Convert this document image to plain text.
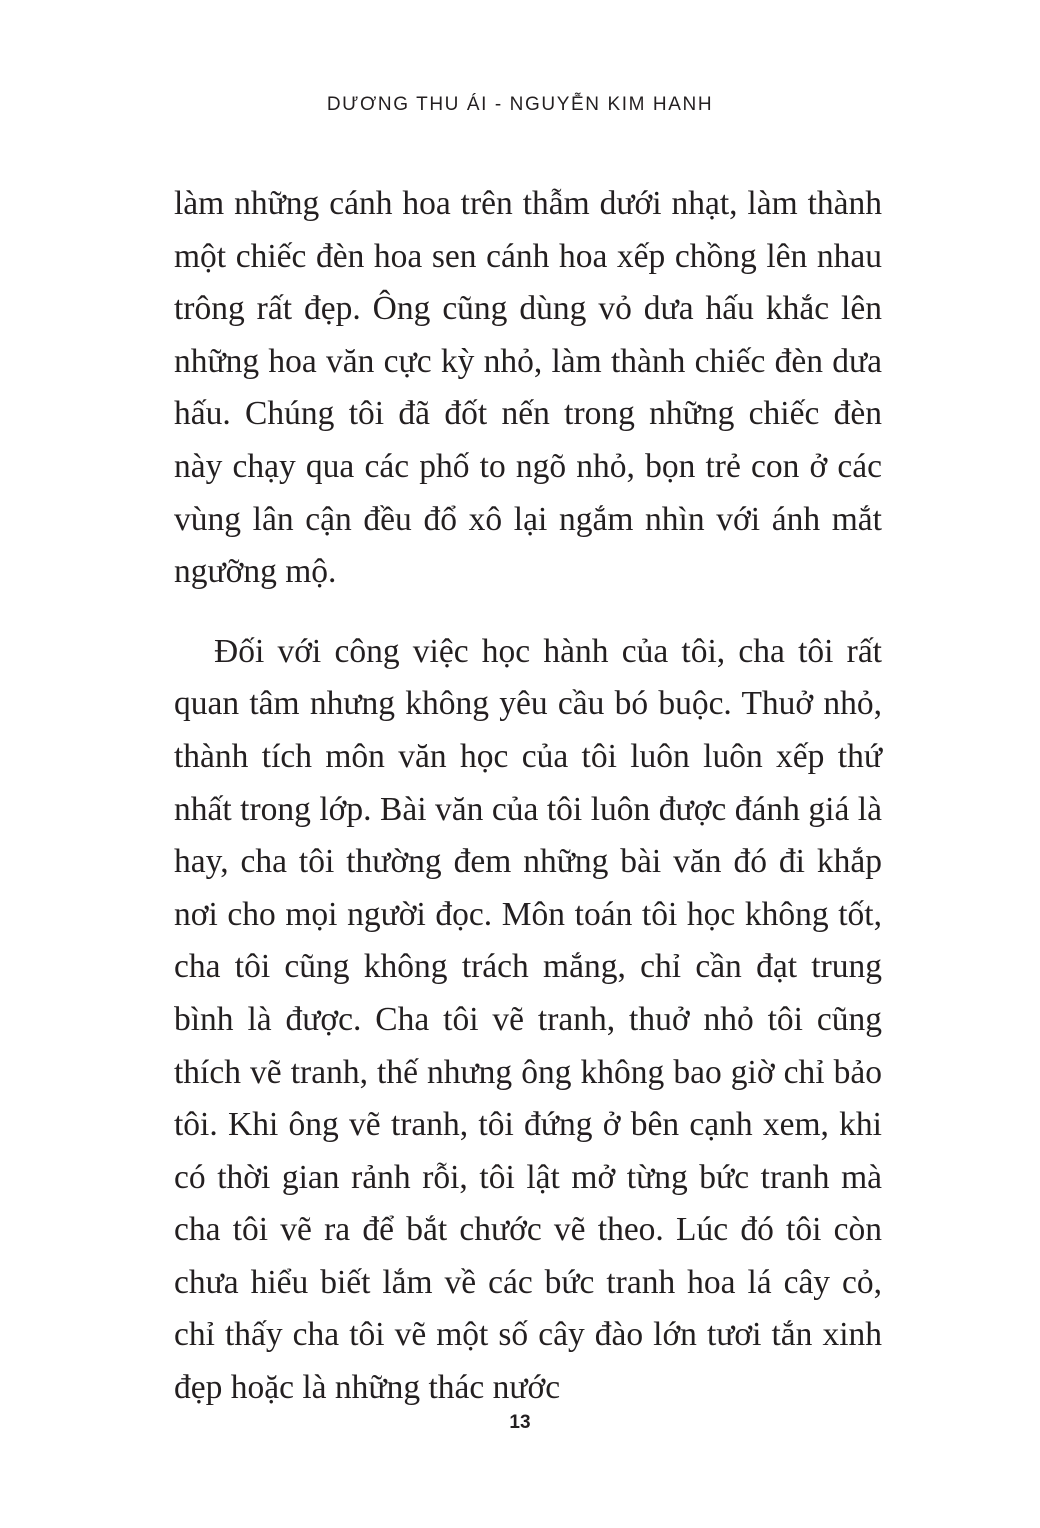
DƯƠNG THU ÁI - NGUYỄN KIM HANH

làm những cánh hoa trên thẫm dưới nhạt, làm thành một chiếc đèn hoa sen cánh hoa xếp chồng lên nhau trông rất đẹp. Ông cũng dùng vỏ dưa hấu khắc lên những hoa văn cực kỳ nhỏ, làm thành chiếc đèn dưa hấu. Chúng tôi đã đốt nến trong những chiếc đèn này chạy qua các phố to ngõ nhỏ, bọn trẻ con ở các vùng lân cận đều đổ xô lại ngắm nhìn với ánh mắt ngưỡng mộ.

Đối với công việc học hành của tôi, cha tôi rất quan tâm nhưng không yêu cầu bó buộc. Thuở nhỏ, thành tích môn văn học của tôi luôn luôn xếp thứ nhất trong lớp. Bài văn của tôi luôn được đánh giá là hay, cha tôi thường đem những bài văn đó đi khắp nơi cho mọi người đọc. Môn toán tôi học không tốt, cha tôi cũng không trách mắng, chỉ cần đạt trung bình là được. Cha tôi vẽ tranh, thuở nhỏ tôi cũng thích vẽ tranh, thế nhưng ông không bao giờ chỉ bảo tôi. Khi ông vẽ tranh, tôi đứng ở bên cạnh xem, khi có thời gian rảnh rỗi, tôi lật mở từng bức tranh mà cha tôi vẽ ra để bắt chước vẽ theo. Lúc đó tôi còn chưa hiểu biết lắm về các bức tranh hoa lá cây cỏ, chỉ thấy cha tôi vẽ một số cây đào lớn tươi tắn xinh đẹp hoặc là những thác nước

13
